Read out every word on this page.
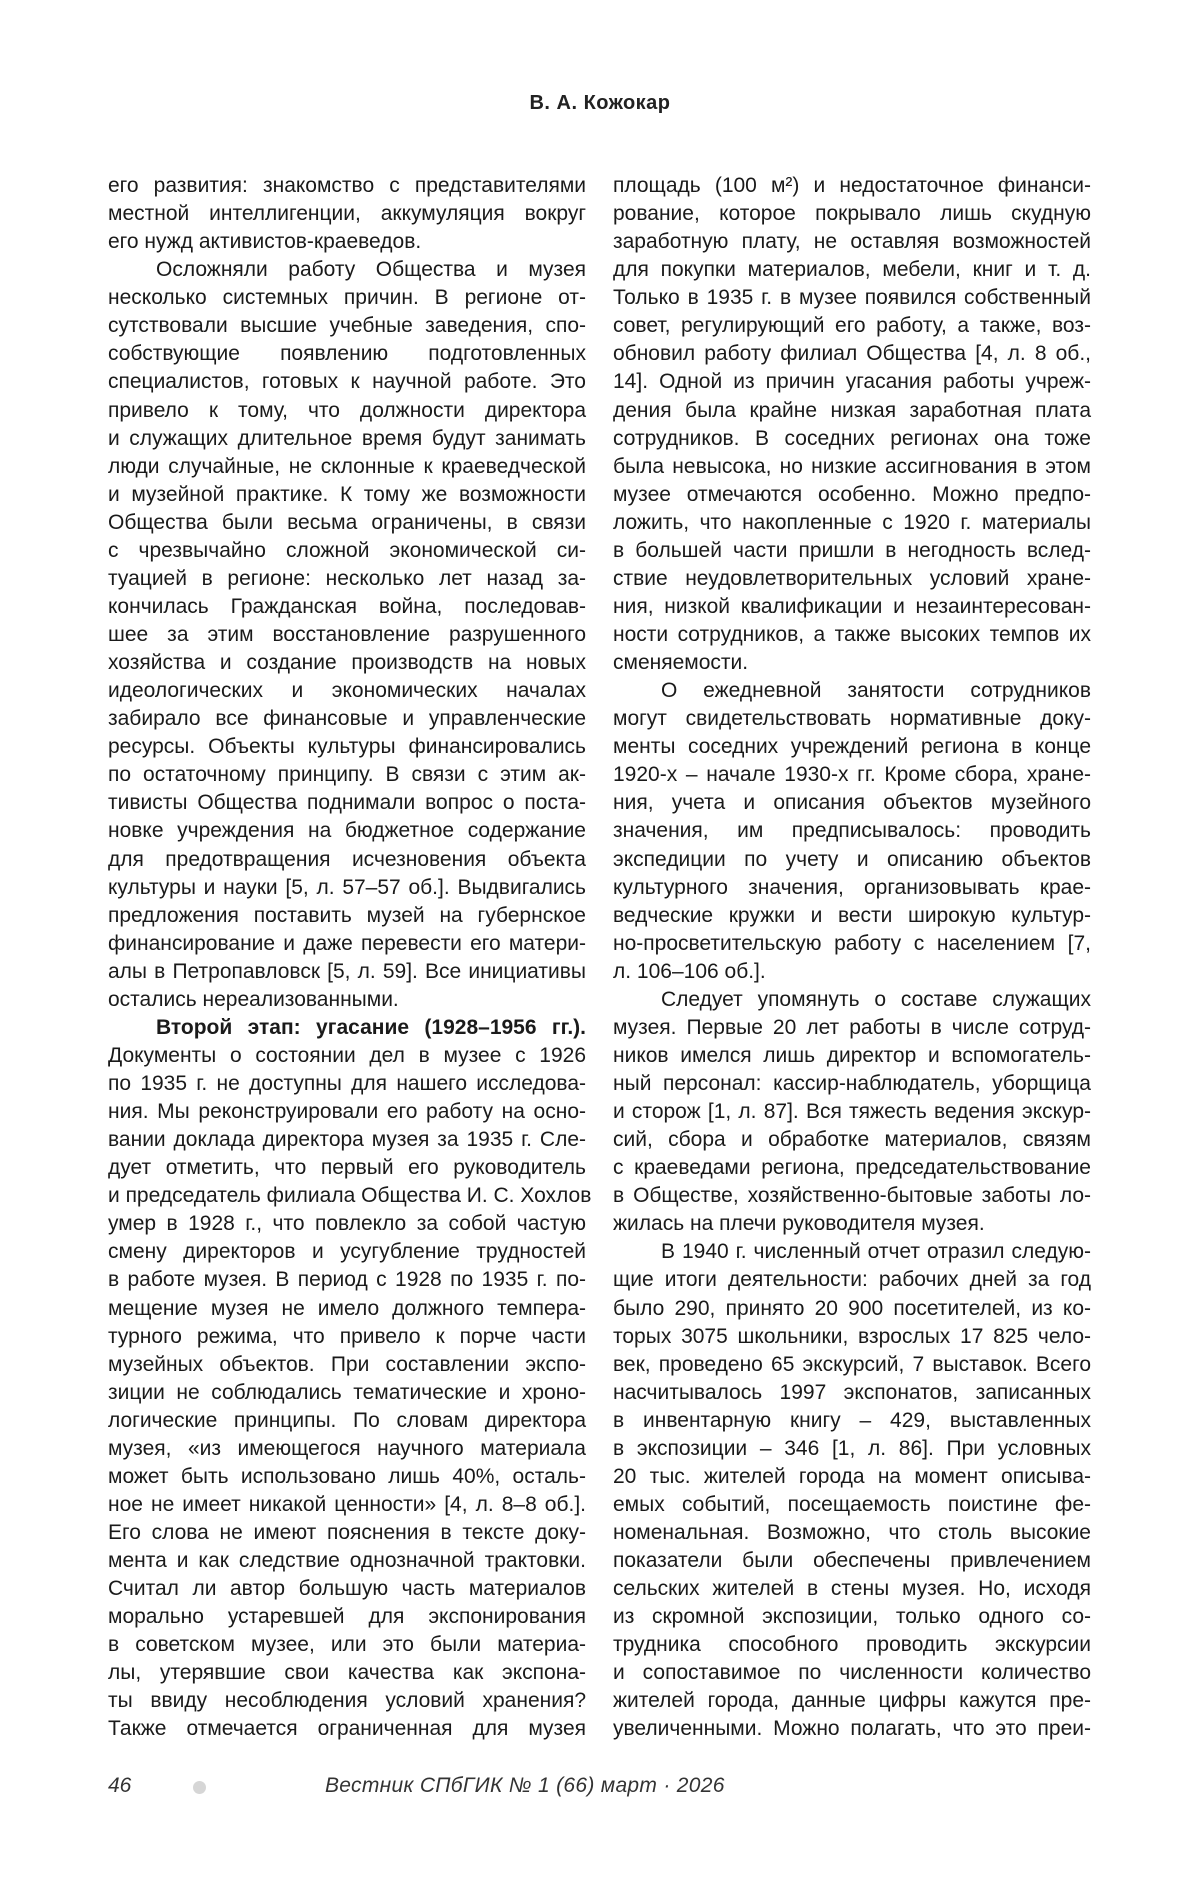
В. А. Кожокар
его развития: знакомство с представителями
местной интеллигенции, аккумуляция вокруг
его нужд активистов-краеведов.
Осложняли работу Общества и музея
несколько системных причин. В регионе от-
сутствовали высшие учебные заведения, спо-
собствующие появлению подготовленных
специалистов, готовых к научной работе. Это
привело к тому, что должности директора
и служащих длительное время будут занимать
люди случайные, не склонные к краеведческой
и музейной практике. К тому же возможности
Общества были весьма ограничены, в связи
с чрезвычайно сложной экономической си-
туацией в регионе: несколько лет назад за-
кончилась Гражданская война, последовав-
шее за этим восстановление разрушенного
хозяйства и создание производств на новых
идеологических и экономических началах
забирало все финансовые и управленческие
ресурсы. Объекты культуры финансировались
по остаточному принципу. В связи с этим ак-
тивисты Общества поднимали вопрос о поста-
новке учреждения на бюджетное содержание
для предотвращения исчезновения объекта
культуры и науки [5, л. 57–57 об.]. Выдвигались
предложения поставить музей на губернское
финансирование и даже перевести его матери-
алы в Петропавловск [5, л. 59]. Все инициативы
остались нереализованными.
Второй этап: угасание (1928–1956 гг.).
Документы о состоянии дел в музее с 1926
по 1935 г. не доступны для нашего исследова-
ния. Мы реконструировали его работу на осно-
вании доклада директора музея за 1935 г. Сле-
дует отметить, что первый его руководитель
и председатель филиала Общества И. С. Хохлов
умер в 1928 г., что повлекло за собой частую
смену директоров и усугубление трудностей
в работе музея. В период с 1928 по 1935 г. по-
мещение музея не имело должного темпера-
турного режима, что привело к порче части
музейных объектов. При составлении экспо-
зиции не соблюдались тематические и хроно-
логические принципы. По словам директора
музея, «из имеющегося научного материала
может быть использовано лишь 40%, осталь-
ное не имеет никакой ценности» [4, л. 8–8 об.].
Его слова не имеют пояснения в тексте доку-
мента и как следствие однозначной трактовки.
Считал ли автор большую часть материалов
морально устаревшей для экспонирования
в советском музее, или это были материа-
лы, утерявшие свои качества как экспона-
ты ввиду несоблюдения условий хранения?
Также отмечается ограниченная для музея
площадь (100 м²) и недостаточное финанси-
рование, которое покрывало лишь скудную
заработную плату, не оставляя возможностей
для покупки материалов, мебели, книг и т. д.
Только в 1935 г. в музее появился собственный
совет, регулирующий его работу, а также, воз-
обновил работу филиал Общества [4, л. 8 об.,
14]. Одной из причин угасания работы учреж-
дения была крайне низкая заработная плата
сотрудников. В соседних регионах она тоже
была невысока, но низкие ассигнования в этом
музее отмечаются особенно. Можно предпо-
ложить, что накопленные с 1920 г. материалы
в большей части пришли в негодность вслед-
ствие неудовлетворительных условий хране-
ния, низкой квалификации и незаинтересован-
ности сотрудников, а также высоких темпов их
сменяемости.
О ежедневной занятости сотрудников
могут свидетельствовать нормативные доку-
менты соседних учреждений региона в конце
1920-х – начале 1930-х гг. Кроме сбора, хране-
ния, учета и описания объектов музейного
значения, им предписывалось: проводить
экспедиции по учету и описанию объектов
культурного значения, организовывать крае-
ведческие кружки и вести широкую культур-
но-просветительскую работу с населением [7,
л. 106–106 об.].
Следует упомянуть о составе служащих
музея. Первые 20 лет работы в числе сотруд-
ников имелся лишь директор и вспомогатель-
ный персонал: кассир-наблюдатель, уборщица
и сторож [1, л. 87]. Вся тяжесть ведения экскур-
сий, сбора и обработке материалов, связям
с краеведами региона, председательствование
в Обществе, хозяйственно-бытовые заботы ло-
жилась на плечи руководителя музея.
В 1940 г. численный отчет отразил следую-
щие итоги деятельности: рабочих дней за год
было 290, принято 20 900 посетителей, из ко-
торых 3075 школьники, взрослых 17 825 чело-
век, проведено 65 экскурсий, 7 выставок. Всего
насчитывалось 1997 экспонатов, записанных
в инвентарную книгу – 429, выставленных
в экспозиции – 346 [1, л. 86]. При условных
20 тыс. жителей города на момент описыва-
емых событий, посещаемость поистине фе-
номенальная. Возможно, что столь высокие
показатели были обеспечены привлечением
сельских жителей в стены музея. Но, исходя
из скромной экспозиции, только одного со-
трудника способного проводить экскурсии
и сопоставимое по численности количество
жителей города, данные цифры кажутся пре-
увеличенными. Можно полагать, что это преи-
46	Вестник СПбГИК № 1 (66) март · 2026
